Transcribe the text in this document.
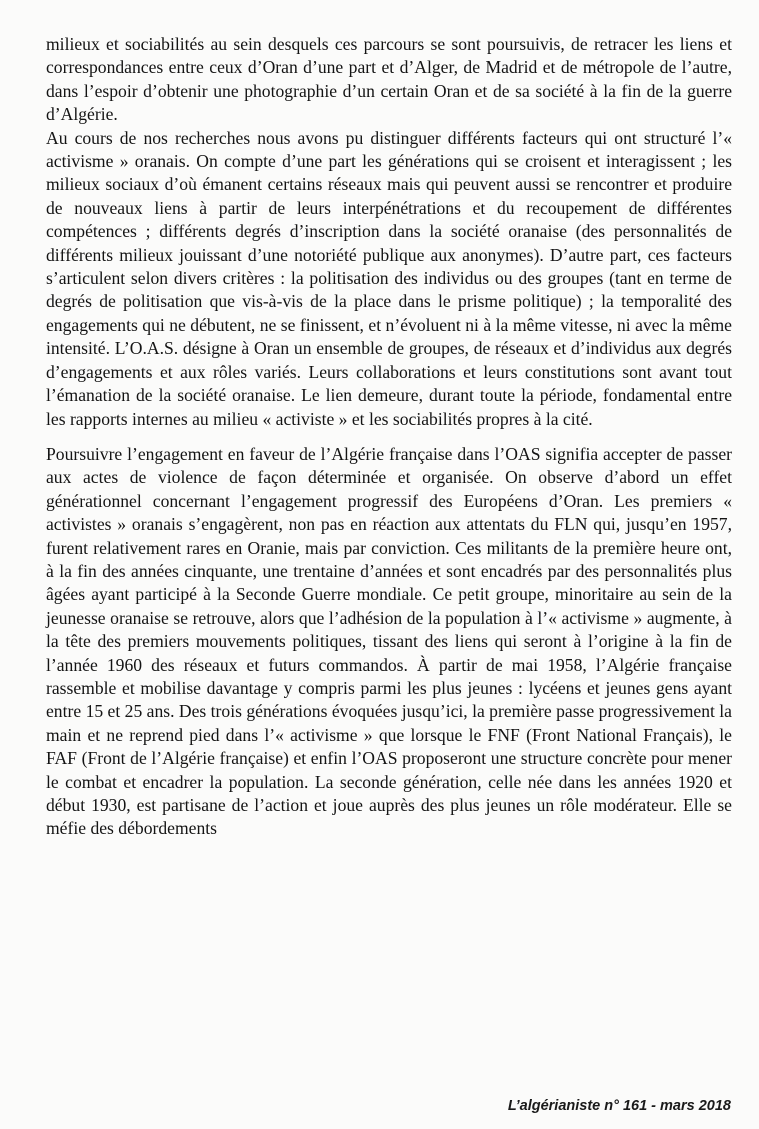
milieux et sociabilités au sein desquels ces parcours se sont poursuivis, de retracer les liens et correspondances entre ceux d’Oran d’une part et d’Alger, de Madrid et de métropole de l’autre, dans l’espoir d’obtenir une photographie d’un certain Oran et de sa société à la fin de la guerre d’Algérie.

Au cours de nos recherches nous avons pu distinguer différents facteurs qui ont structuré l’« activisme » oranais. On compte d’une part les générations qui se croisent et interagissent ; les milieux sociaux d’où émanent certains réseaux mais qui peuvent aussi se rencontrer et produire de nouveaux liens à partir de leurs interpénétrations et du recoupement de différentes compétences ; différents degrés d’inscription dans la société oranaise (des personnalités de différents milieux jouissant d’une notoriété publique aux anonymes). D’autre part, ces facteurs s’articulent selon divers critères : la politisation des individus ou des groupes (tant en terme de degrés de politisation que vis-à-vis de la place dans le prisme politique) ; la temporalité des engagements qui ne débutent, ne se finissent, et n’évoluent ni à la même vitesse, ni avec la même intensité. L’O.A.S. désigne à Oran un ensemble de groupes, de réseaux et d’individus aux degrés d’engagements et aux rôles variés. Leurs collaborations et leurs constitutions sont avant tout l’émanation de la société oranaise. Le lien demeure, durant toute la période, fondamental entre les rapports internes au milieu « activiste » et les sociabilités propres à la cité.

Poursuivre l’engagement en faveur de l’Algérie française dans l’OAS signifia accepter de passer aux actes de violence de façon déterminée et organisée. On observe d’abord un effet générationnel concernant l’engagement progressif des Européens d’Oran. Les premiers « activistes » oranais s’engagèrent, non pas en réaction aux attentats du FLN qui, jusqu’en 1957, furent relativement rares en Oranie, mais par conviction. Ces militants de la première heure ont, à la fin des années cinquante, une trentaine d’années et sont encadrés par des personnalités plus âgées ayant participé à la Seconde Guerre mondiale. Ce petit groupe, minoritaire au sein de la jeunesse oranaise se retrouve, alors que l’adhésion de la population à l’« activisme » augmente, à la tête des premiers mouvements politiques, tissant des liens qui seront à l’origine à la fin de l’année 1960 des réseaux et futurs commandos. À partir de mai 1958, l’Algérie française rassemble et mobilise davantage y compris parmi les plus jeunes : lycéens et jeunes gens ayant entre 15 et 25 ans. Des trois générations évoquées jusqu’ici, la première passe progressivement la main et ne reprend pied dans l’« activisme » que lorsque le FNF (Front National Français), le FAF (Front de l’Algérie française) et enfin l’OAS proposeront une structure concrète pour mener le combat et encadrer la population. La seconde génération, celle née dans les années 1920 et début 1930, est partisane de l’action et joue auprès des plus jeunes un rôle modérateur. Elle se méfie des débordements

L’algérianiste n° 161 - mars 2018
